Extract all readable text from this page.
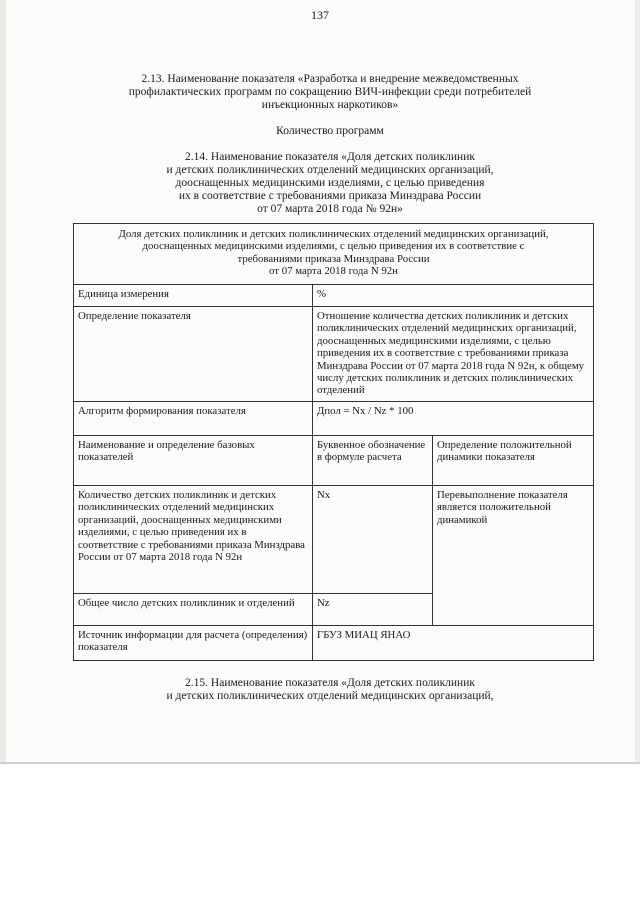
137
2.13. Наименование показателя «Разработка и внедрение межведомственных
профилактических программ по сокращению ВИЧ-инфекции среди потребителей
инъекционных наркотиков»
Количество программ
2.14. Наименование показателя «Доля детских поликлиник
и детских поликлинических отделений медицинских организаций,
дооснащенных медицинскими изделиями, с целью приведения
их в соответствие с требованиями приказа Минздрава России
от 07 марта 2018 года № 92н»
Доля детских поликлиник и детских поликлинических отделений медицинских организаций,
дооснащенных медицинскими изделиями, с целью приведения их в соответствие с
требованиями приказа Минздрава России
от 07 марта 2018 года N 92н		

Единица измерения	%	
Определение показателя	Отношение количества детских поликлиник и детских поликлинических отделений медицинских организаций, дооснащенных медицинскими изделиями, с целью приведения их в соответствие с требованиями приказа Минздрава России от 07 марта 2018 года N 92н, к общему числу детских поликлиник и детских поликлинических отделений	
Алгоритм формирования показателя	Дпол = Nx / Nz * 100	
Наименование и определение базовых показателей	Буквенное обозначение в формуле расчета	Определение положительной динамики показателя
Количество детских поликлиник и детских поликлинических отделений медицинских организаций, дооснащенных медицинскими изделиями, с целью приведения их в соответствие с требованиями приказа Минздрава России от 07 марта 2018 года N 92н	Nx	Перевыполнение показателя является положительной динамикой
Общее число детских поликлиник и отделений	Nz	
Источник информации для расчета (определения) показателя	ГБУЗ МИАЦ ЯНАО	
2.15. Наименование показателя «Доля детских поликлиник
и детских поликлинических отделений медицинских организаций,
